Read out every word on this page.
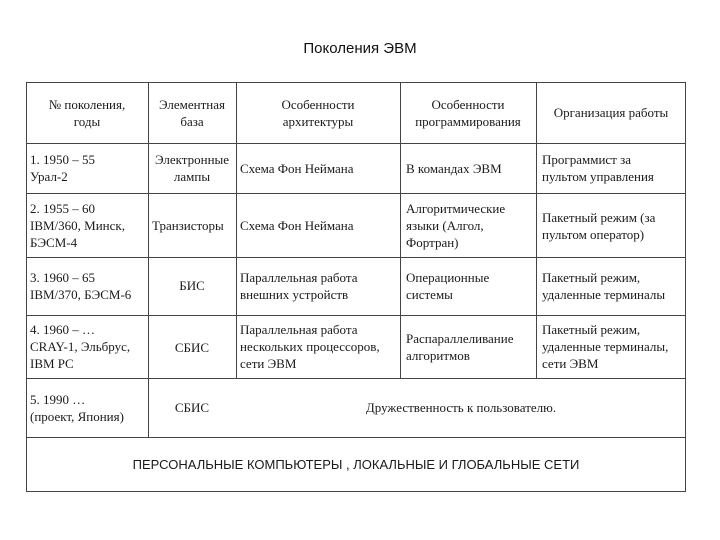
Поколения ЭВМ
№ поколения,
годы
Элементная
база
Особенности
архитектуры
Особенности
программирования
Организация работы
1. 1950 – 55
Урал-2
Электронные
лампы
Схема Фон Неймана	В командах ЭВМ
Программист за
пультом управления
2. 1955 – 60
IBM/360, Минск,
БЭСМ-4
Транзисторы Схема Фон Неймана
Алгоритмические
языки (Алгол,
Фортран)
Пакетный режим (за
пультом оператор)
3. 1960 – 65
IBM/370, БЭСМ-6
БИС
Параллельная работа
внешних устройств
Операционные
системы
Пакетный режим,
удаленные терминалы
4. 1960 – …
CRAY-1, Эльбрус,
IBM PC
СБИС
Параллельная работа
нескольких процессоров,
сети ЭВМ
Распараллеливание
алгоритмов
Пакетный режим,
удаленные терминалы,
сети ЭВМ
5. 1990 …
(проект, Япония)
СБИС	Дружественность к пользователю.
ПЕРСОНАЛЬНЫЕ КОМПЬЮТЕРЫ , ЛОКАЛЬНЫЕ И ГЛОБАЛЬНЫЕ СЕТИ
